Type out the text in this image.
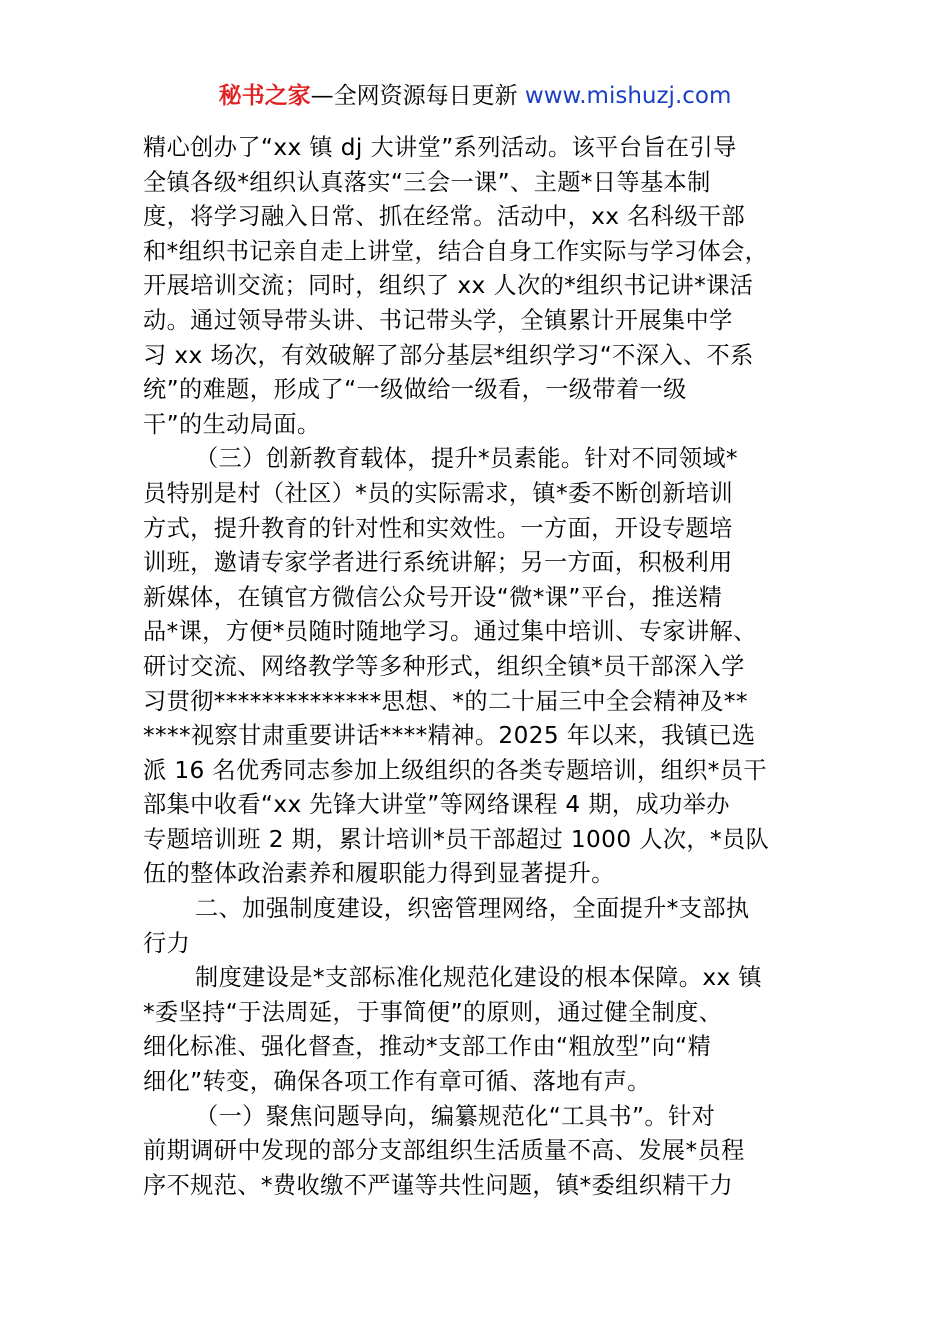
秘书之家—全网资源每日更新 www.mishuzj.com
精心创办了“xx 镇 dj 大讲堂”系列活动。该平台旨在引导
全镇各级*组织认真落实“三会一课”、主题*日等基本制
度，将学习融入日常、抓在经常。活动中，xx 名科级干部
和*组织书记亲自走上讲堂，结合自身工作实际与学习体会，
开展培训交流；同时，组织了 xx 人次的*组织书记讲*课活
动。通过领导带头讲、书记带头学，全镇累计开展集中学
习 xx 场次，有效破解了部分基层*组织学习“不深入、不系
统”的难题，形成了“一级做给一级看，一级带着一级
干”的生动局面。
（三）创新教育载体，提升*员素能。针对不同领域*
员特别是村（社区）*员的实际需求，镇*委不断创新培训
方式，提升教育的针对性和实效性。一方面，开设专题培
训班，邀请专家学者进行系统讲解；另一方面，积极利用
新媒体，在镇官方微信公众号开设“微*课”平台，推送精
品*课，方便*员随时随地学习。通过集中培训、专家讲解、
研讨交流、网络教学等多种形式，组织全镇*员干部深入学
习贯彻**************思想、*的二十届三中全会精神及**
****视察甘肃重要讲话****精神。2025 年以来，我镇已选
派 16 名优秀同志参加上级组织的各类专题培训，组织*员干
部集中收看“xx 先锋大讲堂”等网络课程 4 期，成功举办
专题培训班 2 期，累计培训*员干部超过 1000 人次，*员队
伍的整体政治素养和履职能力得到显著提升。
二、加强制度建设，织密管理网络，全面提升*支部执
行力
制度建设是*支部标准化规范化建设的根本保障。xx 镇
*委坚持“于法周延，于事简便”的原则，通过健全制度、
细化标准、强化督查，推动*支部工作由“粗放型”向“精
细化”转变，确保各项工作有章可循、落地有声。
（一）聚焦问题导向，编纂规范化“工具书”。针对
前期调研中发现的部分支部组织生活质量不高、发展*员程
序不规范、*费收缴不严谨等共性问题，镇*委组织精干力
